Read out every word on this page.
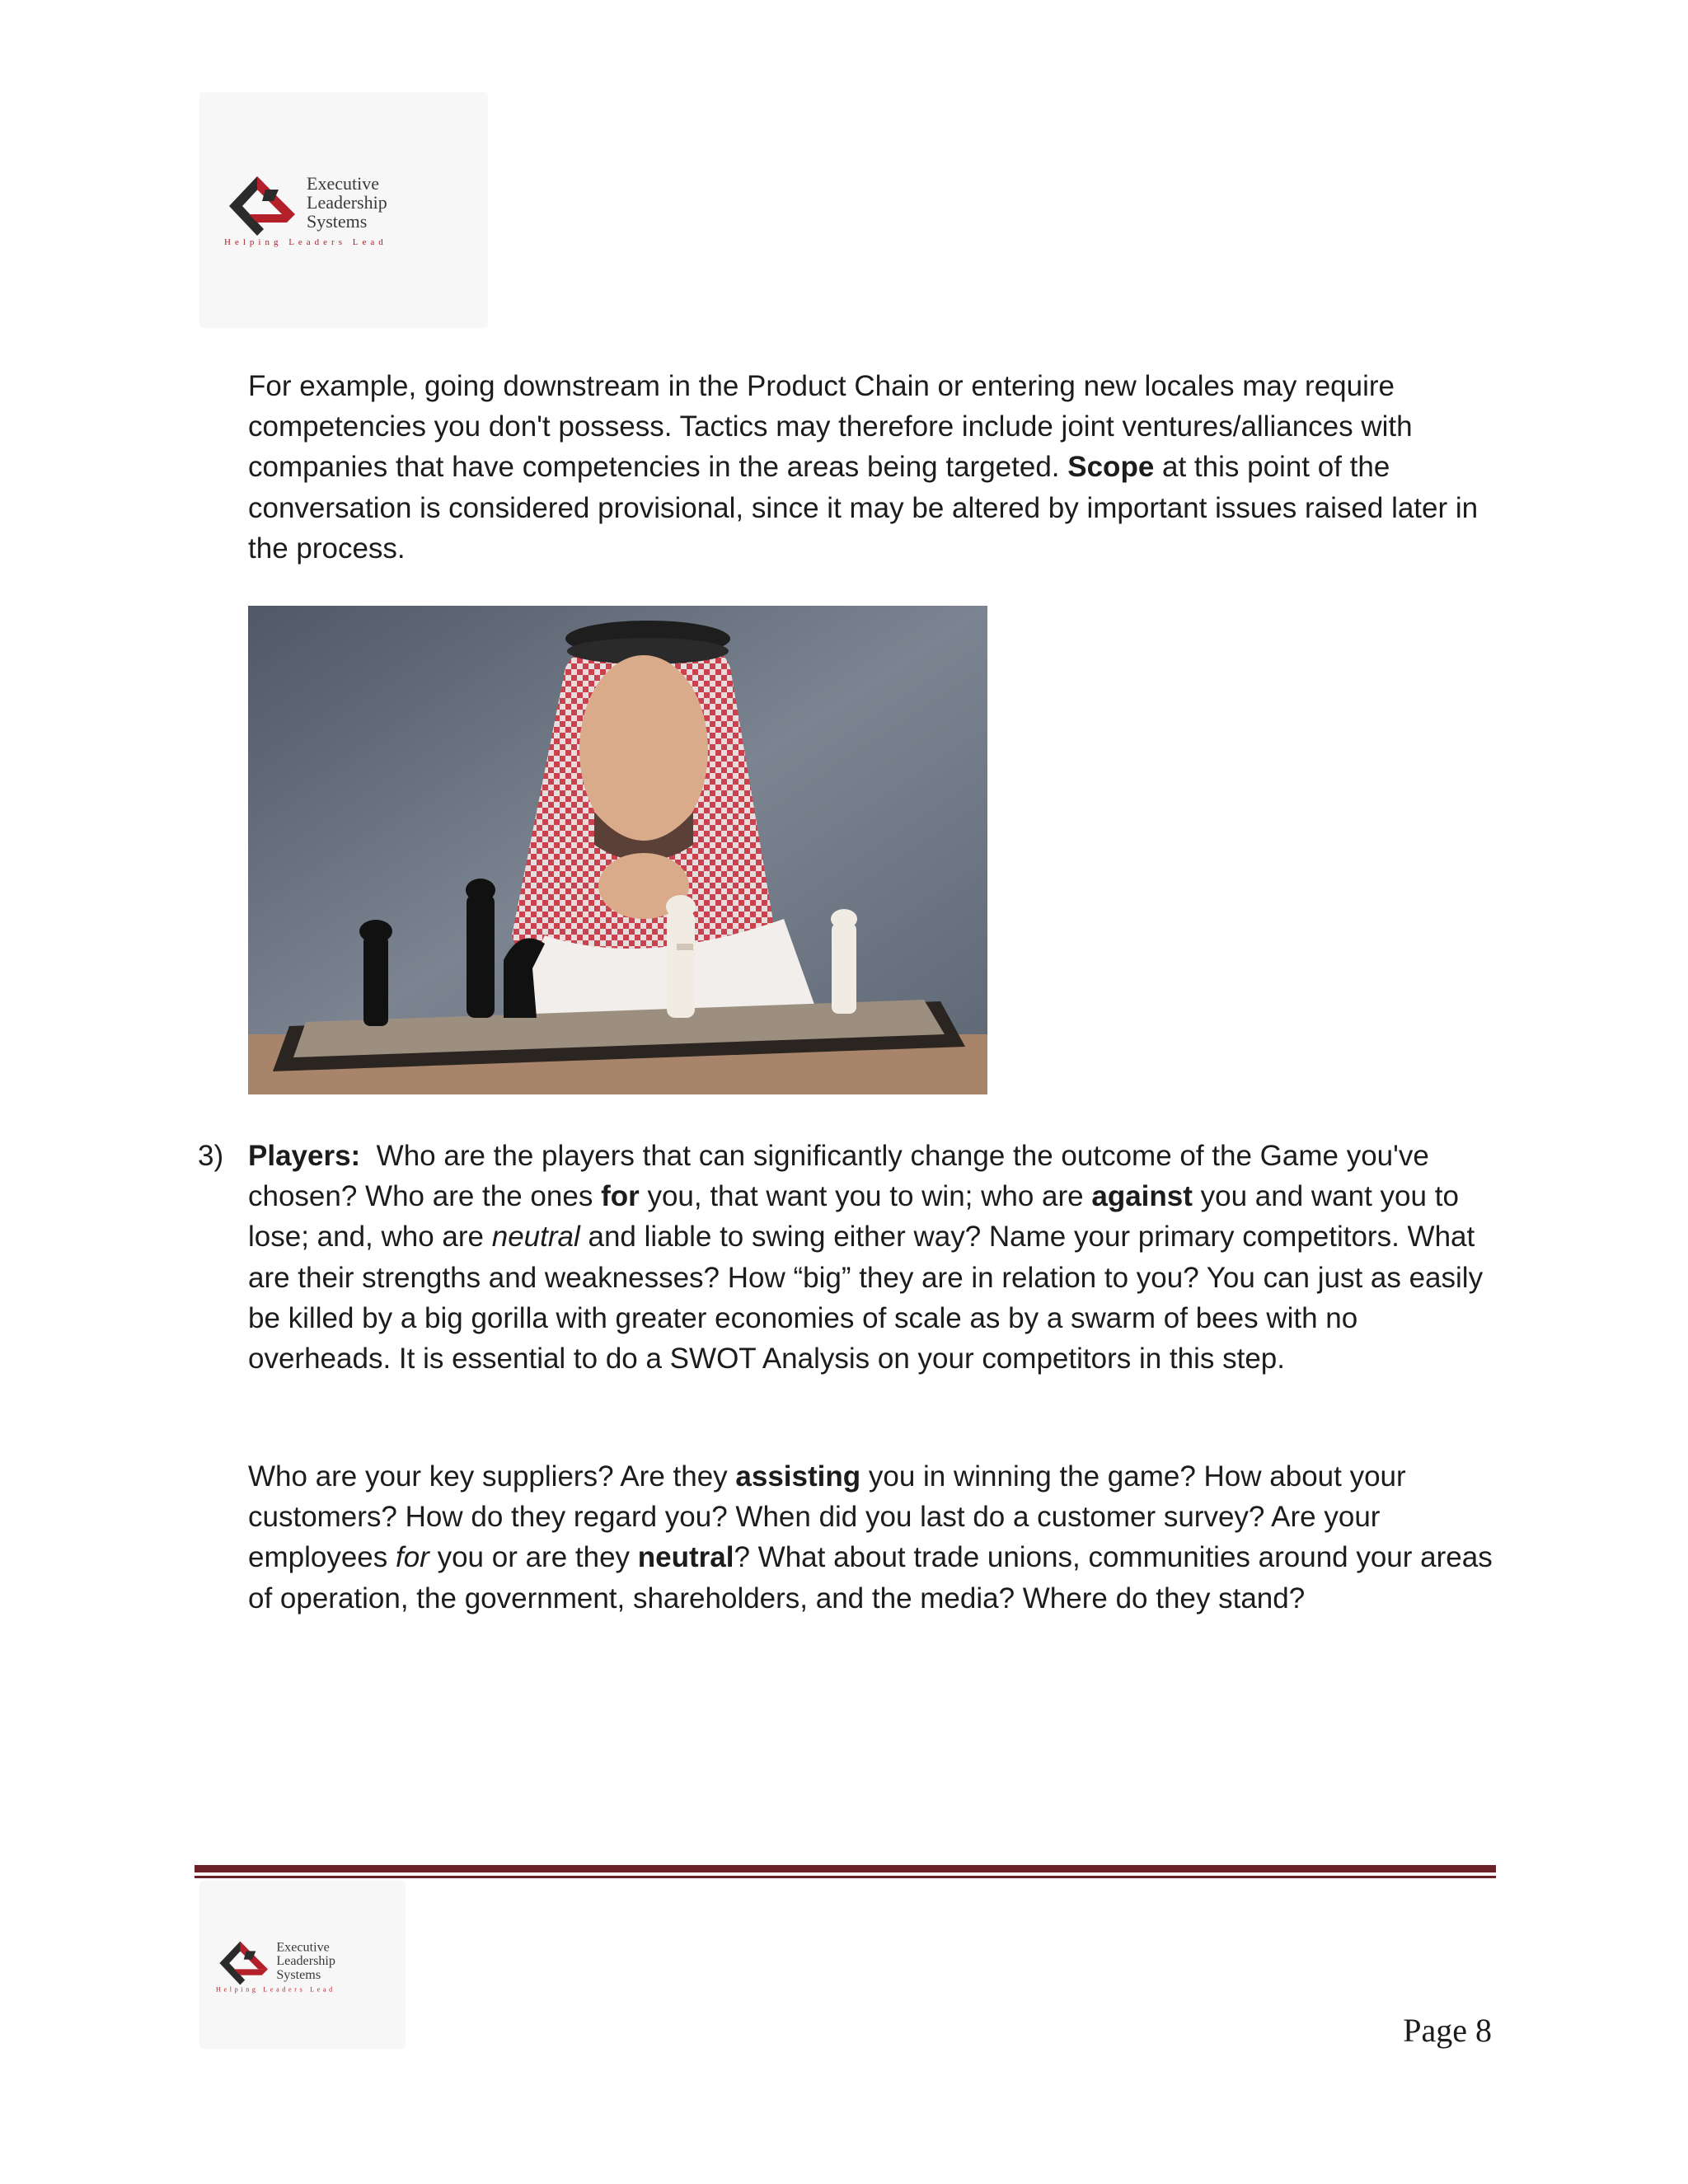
Executive
Leadership
Systems
Helping Leaders Lead
For example, going downstream in the Product Chain or entering new locales may require competencies you don't possess. Tactics may therefore include joint ventures/alliances with companies that have competencies in the areas being targeted. Scope at this point of the conversation is considered provisional, since it may be altered by important issues raised later in the process.
3) Players:  Who are the players that can significantly change the outcome of the Game you've chosen? Who are the ones for you, that want you to win; who are against you and want you to lose; and, who are neutral and liable to swing either way? Name your primary competitors. What are their strengths and weaknesses? How “big” they are in relation to you? You can just as easily be killed by a big gorilla with greater economies of scale as by a swarm of bees with no overheads. It is essential to do a SWOT Analysis on your competitors in this step.
Who are your key suppliers? Are they assisting you in winning the game? How about your customers? How do they regard you? When did you last do a customer survey? Are your employees for you or are they neutral? What about trade unions, communities around your areas of operation, the government, shareholders, and the media? Where do they stand?
Executive
Leadership
Systems
Helping Leaders Lead
Page 8
